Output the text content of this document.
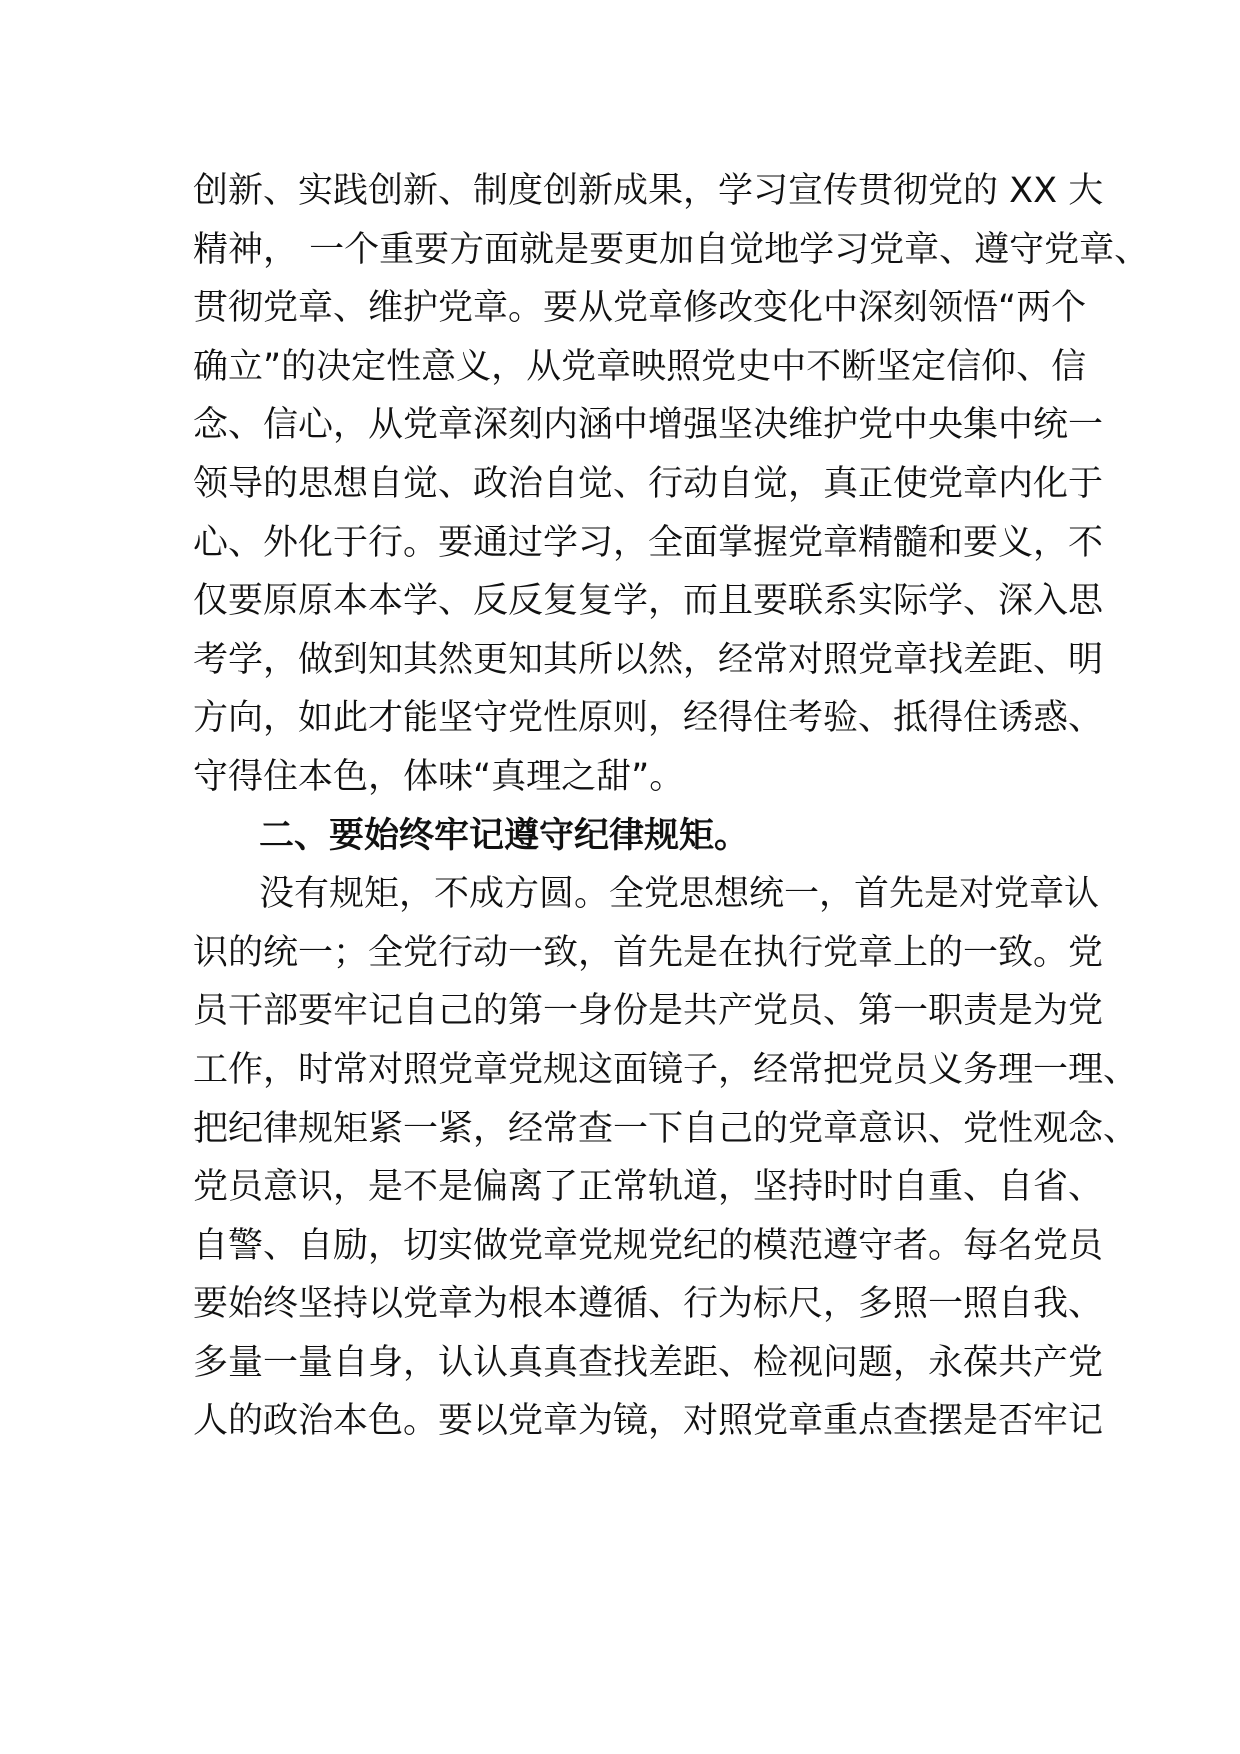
创新、实践创新、制度创新成果，学习宣传贯彻党的 XX 大
精神， 一个重要方面就是要更加自觉地学习党章、遵守党章、
贯彻党章、维护党章。要从党章修改变化中深刻领悟“两个
确立”的决定性意义，从党章映照党史中不断坚定信仰、信
念、信心，从党章深刻内涵中增强坚决维护党中央集中统一
领导的思想自觉、政治自觉、行动自觉，真正使党章内化于
心、外化于行。要通过学习，全面掌握党章精髓和要义，不
仅要原原本本学、反反复复学，而且要联系实际学、深入思
考学，做到知其然更知其所以然，经常对照党章找差距、明
方向，如此才能坚守党性原则，经得住考验、抵得住诱惑、
守得住本色，体味“真理之甜”。
二、要始终牢记遵守纪律规矩。
没有规矩，不成方圆。全党思想统一，首先是对党章认
识的统一；全党行动一致，首先是在执行党章上的一致。党
员干部要牢记自己的第一身份是共产党员、第一职责是为党
工作，时常对照党章党规这面镜子，经常把党员义务理一理、
把纪律规矩紧一紧，经常查一下自己的党章意识、党性观念、
党员意识，是不是偏离了正常轨道，坚持时时自重、自省、
自警、自励，切实做党章党规党纪的模范遵守者。每名党员
要始终坚持以党章为根本遵循、行为标尺，多照一照自我、
多量一量自身，认认真真查找差距、检视问题，永葆共产党
人的政治本色。要以党章为镜，对照党章重点查摆是否牢记
